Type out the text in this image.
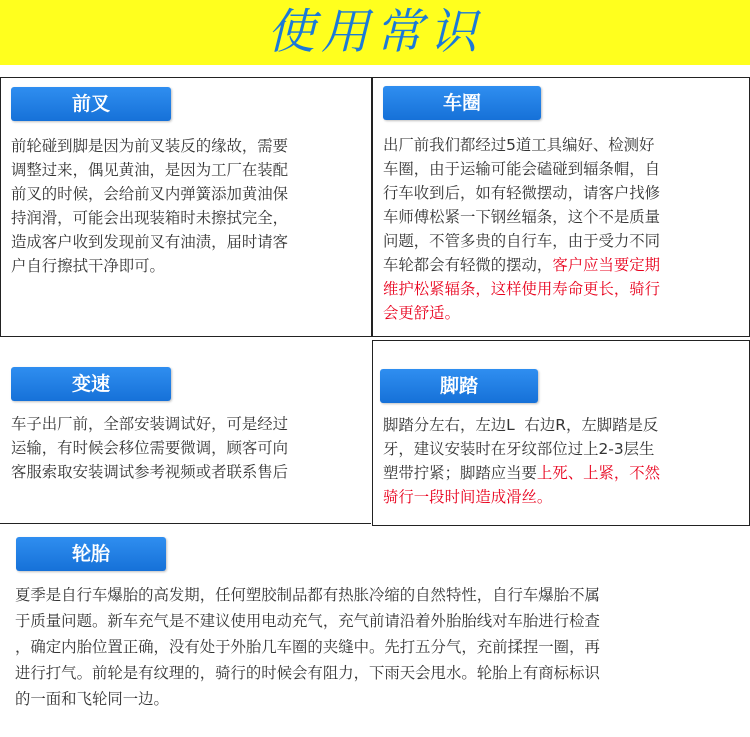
使用常识
前叉
前轮碰到脚是因为前叉装反的缘故，需要
调整过来，偶见黄油，是因为工厂在装配
前叉的时候，会给前叉内弹簧添加黄油保
持润滑，可能会出现装箱时未擦拭完全，
造成客户收到发现前叉有油渍，届时请客
户自行擦拭干净即可。
车圈
出厂前我们都经过5道工具编好、检测好
车圈，由于运输可能会磕碰到辐条帽，自
行车收到后，如有轻微摆动，请客户找修
车师傅松紧一下钢丝辐条，这个不是质量
问题，不管多贵的自行车，由于受力不同
车轮都会有轻微的摆动，客户应当要定期
维护松紧辐条，这样使用寿命更长，骑行
会更舒适。
变速
车子出厂前，全部安装调试好，可是经过
运输，有时候会移位需要微调，顾客可向
客服索取安装调试参考视频或者联系售后
脚踏
脚踏分左右，左边L  右边R，左脚踏是反
牙，建议安装时在牙纹部位过上2-3层生
塑带拧紧；脚踏应当要上死、上紧，不然
骑行一段时间造成滑丝。
轮胎
夏季是自行车爆胎的高发期，任何塑胶制品都有热胀冷缩的自然特性，自行车爆胎不属
于质量问题。新车充气是不建议使用电动充气，充气前请沿着外胎胎线对车胎进行检查
，确定内胎位置正确，没有处于外胎几车圈的夹缝中。先打五分气，充前揉捏一圈，再
进行打气。前轮是有纹理的，骑行的时候会有阻力，下雨天会甩水。轮胎上有商标标识
的一面和飞轮同一边。
